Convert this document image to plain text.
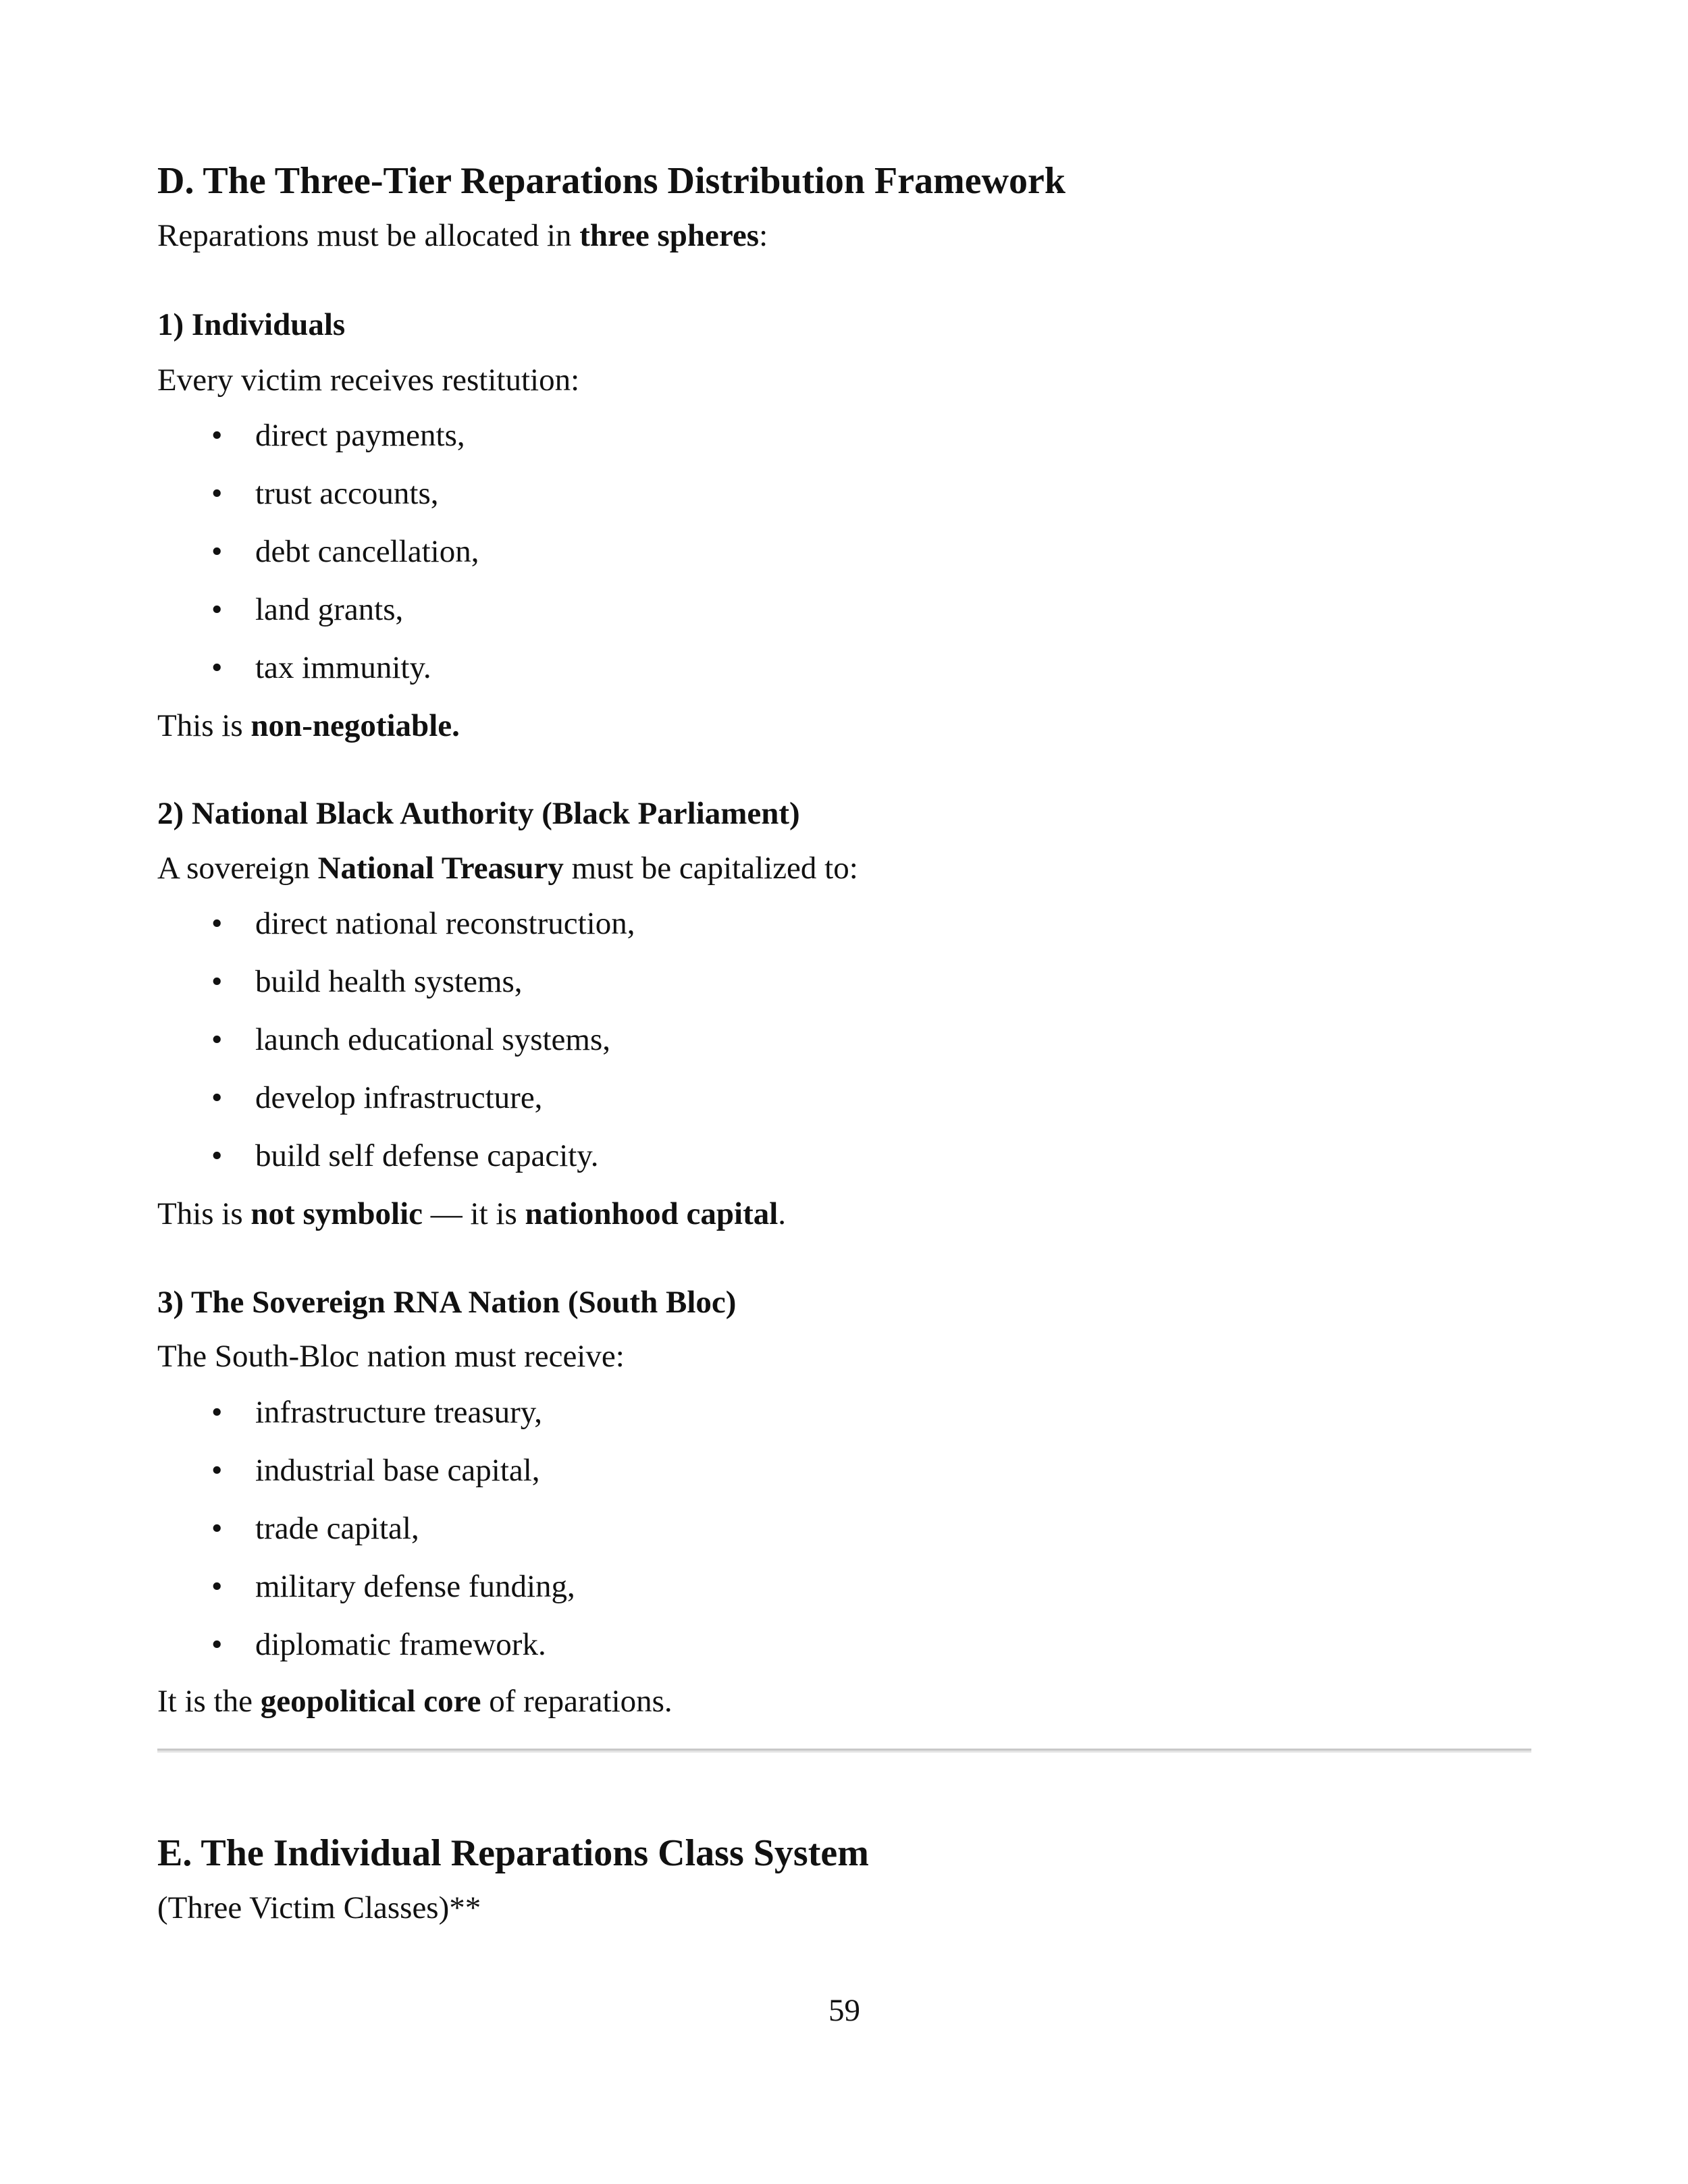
D. The Three-Tier Reparations Distribution Framework
Reparations must be allocated in three spheres:
1) Individuals
Every victim receives restitution:
• direct payments,
• trust accounts,
• debt cancellation,
• land grants,
• tax immunity.
This is non-negotiable.
2) National Black Authority (Black Parliament)
A sovereign National Treasury must be capitalized to:
• direct national reconstruction,
• build health systems,
• launch educational systems,
• develop infrastructure,
• build self defense capacity.
This is not symbolic — it is nationhood capital.
3) The Sovereign RNA Nation (South Bloc)
The South-Bloc nation must receive:
• infrastructure treasury,
• industrial base capital,
• trade capital,
• military defense funding,
• diplomatic framework.
It is the geopolitical core of reparations.
E. The Individual Reparations Class System
(Three Victim Classes)**
59
